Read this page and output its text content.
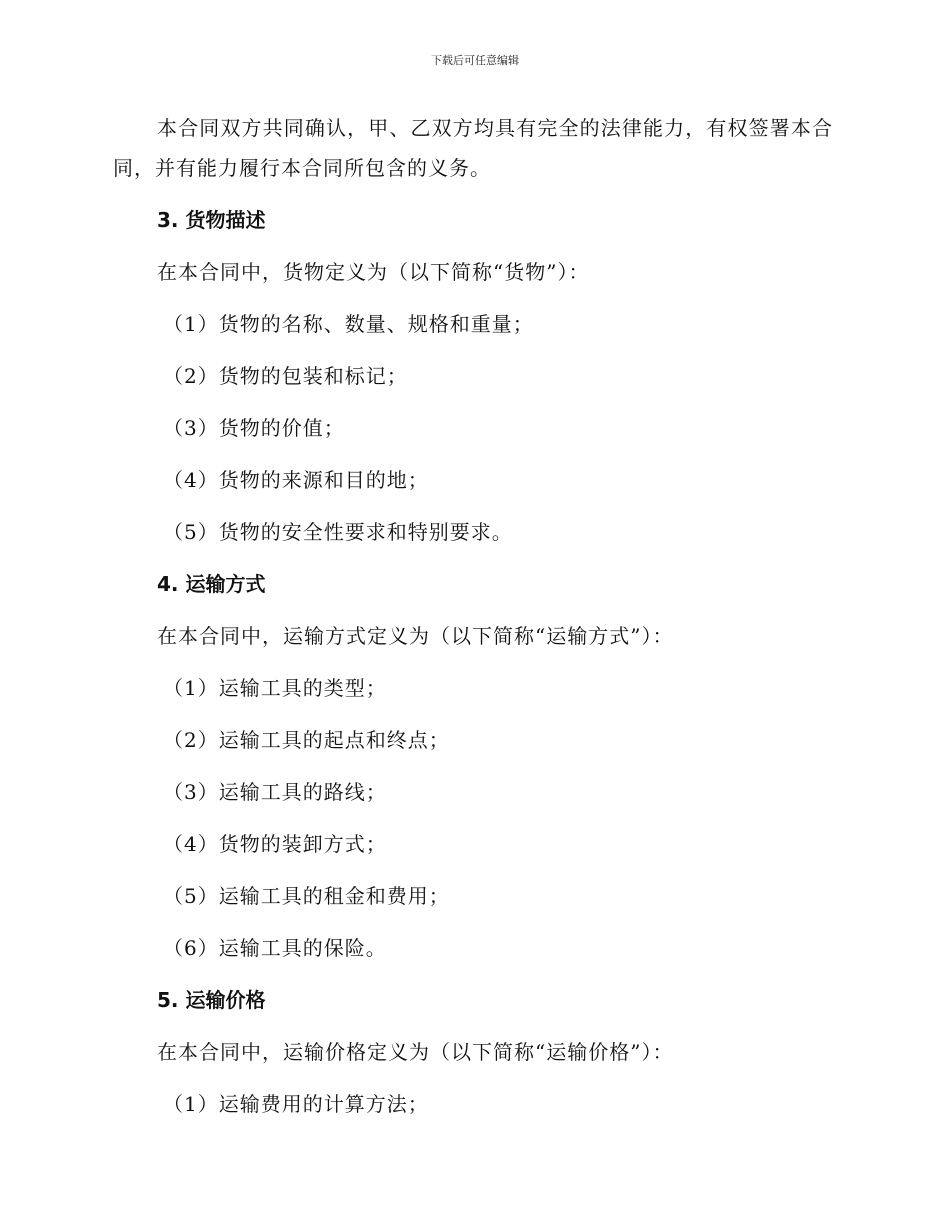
下载后可任意编辑

本合同双方共同确认，甲、乙双方均具有完全的法律能力，有权签署本合同，并有能力履行本合同所包含的义务。

3. 货物描述

在本合同中，货物定义为（以下简称“货物”）：

（1）货物的名称、数量、规格和重量；
（2）货物的包装和标记；
（3）货物的价值；
（4）货物的来源和目的地；
（5）货物的安全性要求和特别要求。
4. 运输方式

在本合同中，运输方式定义为（以下简称“运输方式”）：

（1）运输工具的类型；
（2）运输工具的起点和终点；
（3）运输工具的路线；
（4）货物的装卸方式；
（5）运输工具的租金和费用；
（6）运输工具的保险。
5. 运输价格

在本合同中，运输价格定义为（以下简称“运输价格”）：

（1）运输费用的计算方法；
